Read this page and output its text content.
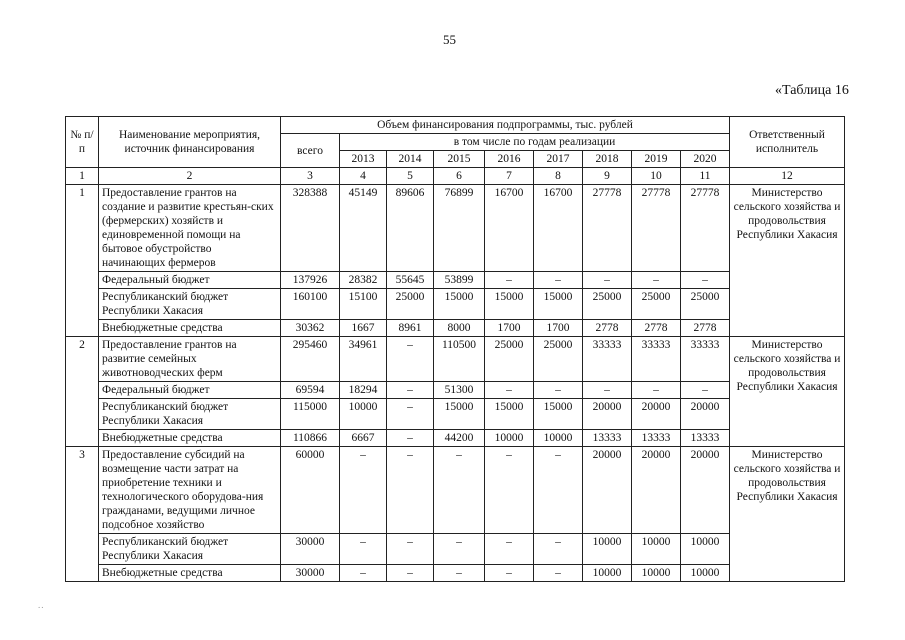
55
«Таблица 16
№ п/п	Наименование мероприятия, источник финансирования	Объем финансирования подпрограммы, тыс. рублей									Ответственный исполнитель
		всего	в том числе по годам реализации								
			2013	2014	2015	2016	2017	2018	2019	2020	
1	2	3	4	5	6	7	8	9	10	11	12
1	Предоставление грантов на создание и развитие крестьян-ских (фермерских) хозяйств и единовременной помощи на бытовое обустройство начинающих фермеров	328388	45149	89606	76899	16700	16700	27778	27778	27778	Министерство сельского хозяйства и продовольствия Республики Хакасия
	Федеральный бюджет	137926	28382	55645	53899	–	–	–	–	–	
	Республиканский бюджет Республики Хакасия	160100	15100	25000	15000	15000	15000	25000	25000	25000	
	Внебюджетные средства	30362	1667	8961	8000	1700	1700	2778	2778	2778	
2	Предоставление грантов на развитие семейных животноводческих ферм	295460	34961	–	110500	25000	25000	33333	33333	33333	Министерство сельского хозяйства и продовольствия Республики Хакасия
	Федеральный бюджет	69594	18294	–	51300	–	–	–	–	–	
	Республиканский бюджет Республики Хакасия	115000	10000	–	15000	15000	15000	20000	20000	20000	
	Внебюджетные средства	110866	6667	–	44200	10000	10000	13333	13333	13333	
3	Предоставление субсидий на возмещение части затрат на приобретение техники и технологического оборудова-ния гражданами, ведущими личное подсобное хозяйство	60000	–	–	–	–	–	20000	20000	20000	Министерство сельского хозяйства и продовольствия Республики Хакасия
	Республиканский бюджет Республики Хакасия	30000	–	–	–	–	–	10000	10000	10000	
	Внебюджетные средства	30000	–	–	–	–	–	10000	10000	10000	
..
